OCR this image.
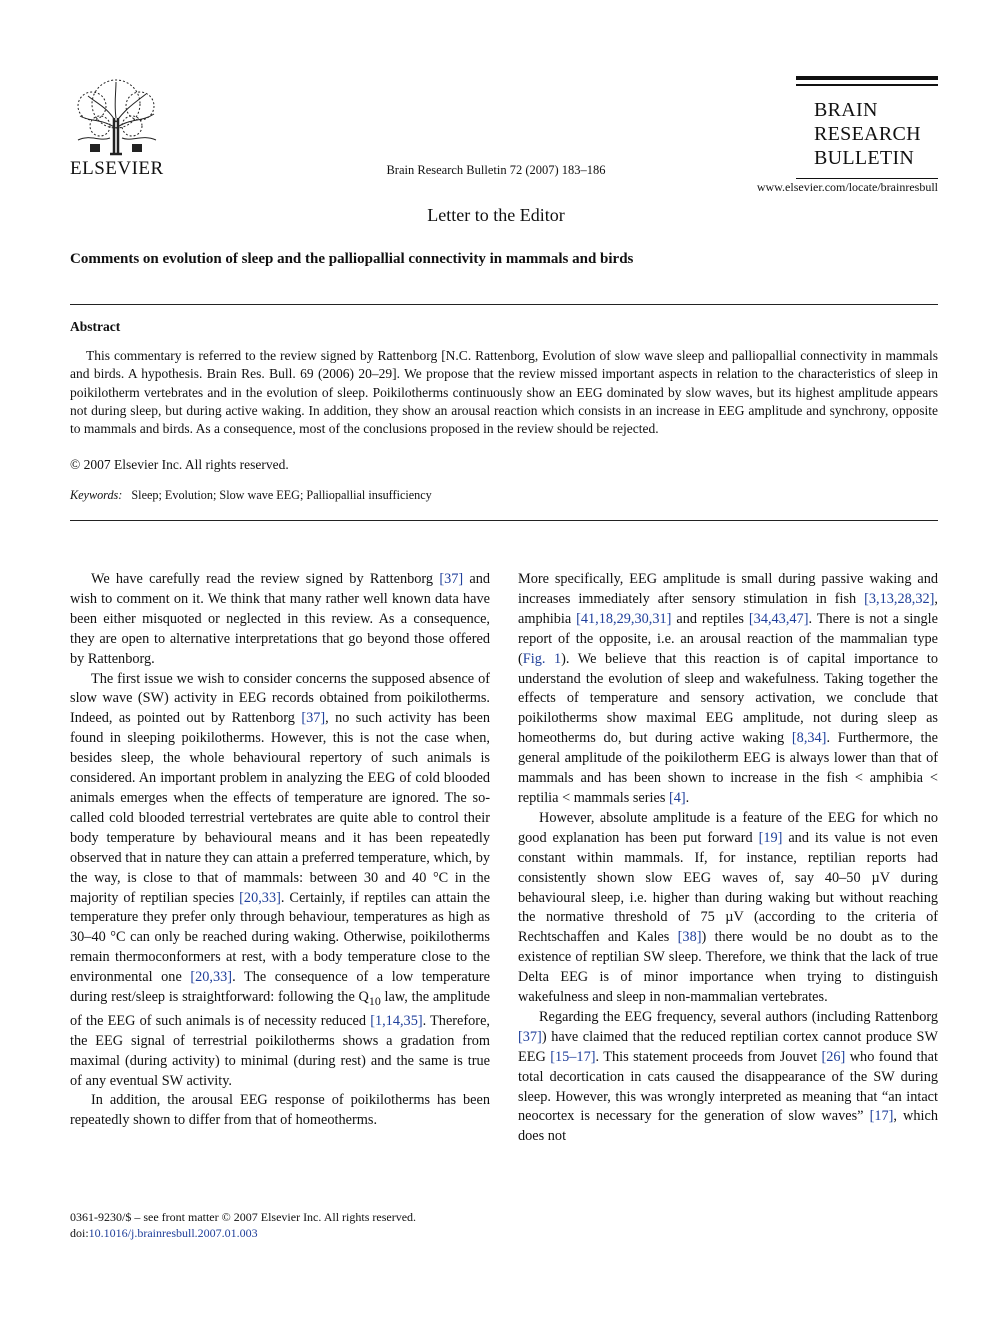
ELSEVIER	Brain Research Bulletin 72 (2007) 183–186
BRAIN
RESEARCH
BULLETIN
www.elsevier.com/locate/brainresbull
Letter to the Editor
Comments on evolution of sleep and the palliopallial connectivity in mammals and birds
Abstract

This commentary is referred to the review signed by Rattenborg [N.C. Rattenborg, Evolution of slow wave sleep and palliopallial connectivity in mammals and birds. A hypothesis. Brain Res. Bull. 69 (2006) 20–29]. We propose that the review missed important aspects in relation to the characteristics of sleep in poikilotherm vertebrates and in the evolution of sleep. Poikilotherms continuously show an EEG dominated by slow waves, but its highest amplitude appears not during sleep, but during active waking. In addition, they show an arousal reaction which consists in an increase in EEG amplitude and synchrony, opposite to mammals and birds. As a consequence, most of the conclusions proposed in the review should be rejected.

© 2007 Elsevier Inc. All rights reserved.
Keywords: Sleep; Evolution; Slow wave EEG; Palliopallial insufficiency

We have carefully read the review signed by Rattenborg [37] and wish to comment on it. We think that many rather well known data have been either misquoted or neglected in this review. As a consequence, they are open to alternative interpretations that go beyond those offered by Rattenborg.

The first issue we wish to consider concerns the supposed absence of slow wave (SW) activity in EEG records obtained from poikilotherms. Indeed, as pointed out by Rattenborg [37], no such activity has been found in sleeping poikilotherms. However, this is not the case when, besides sleep, the whole behavioural repertory of such animals is considered. An important problem in analyzing the EEG of cold blooded animals emerges when the effects of temperature are ignored. The so-called cold blooded terrestrial vertebrates are quite able to control their body temperature by behavioural means and it has been repeatedly observed that in nature they can attain a preferred temperature, which, by the way, is close to that of mammals: between 30 and 40 °C in the majority of reptilian species [20,33]. Certainly, if reptiles can attain the temperature they prefer only through behaviour, temperatures as high as 30–40 °C can only be reached during waking. Otherwise, poikilotherms remain thermoconformers at rest, with a body temperature close to the environmental one [20,33]. The consequence of a low temperature during rest/sleep is straightforward: following the $Q_{10}$ law, the amplitude of the EEG of such animals is of necessity reduced [1,14,35]. Therefore, the EEG signal of terrestrial poikilotherms shows a gradation from maximal (during activity) to minimal (during rest) and the same is true of any eventual SW activity.

In addition, the arousal EEG response of poikilotherms has been repeatedly shown to differ from that of homeotherms.

More specifically, EEG amplitude is small during passive waking and increases immediately after sensory stimulation in fish [3,13,28,32], amphibia [41,18,29,30,31] and reptiles [34,43,47]. There is not a single report of the opposite, i.e. an arousal reaction of the mammalian type (Fig. 1). We believe that this reaction is of capital importance to understand the evolution of sleep and wakefulness. Taking together the effects of temperature and sensory activation, we conclude that poikilotherms show maximal EEG amplitude, not during sleep as homeotherms do, but during active waking [8,34]. Furthermore, the general amplitude of the poikilotherm EEG is always lower than that of mammals and has been shown to increase in the fish < amphibia < reptilia < mammals series [4].

However, absolute amplitude is a feature of the EEG for which no good explanation has been put forward [19] and its value is not even constant within mammals. If, for instance, reptilian reports had consistently shown slow EEG waves of, say 40–50 µV during behavioural sleep, i.e. higher than during waking but without reaching the normative threshold of 75 µV (according to the criteria of Rechtschaffen and Kales [38]) there would be no doubt as to the existence of reptilian SW sleep. Therefore, we think that the lack of true Delta EEG is of minor importance when trying to distinguish wakefulness and sleep in non-mammalian vertebrates.

Regarding the EEG frequency, several authors (including Rattenborg [37]) have claimed that the reduced reptilian cortex cannot produce SW EEG [15–17]. This statement proceeds from Jouvet [26] who found that total decortication in cats caused the disappearance of the SW during sleep. However, this was wrongly interpreted as meaning that “an intact neocortex is necessary for the generation of slow waves” [17], which does not

0361-9230/$ – see front matter © 2007 Elsevier Inc. All rights reserved.
doi:10.1016/j.brainresbull.2007.01.003
